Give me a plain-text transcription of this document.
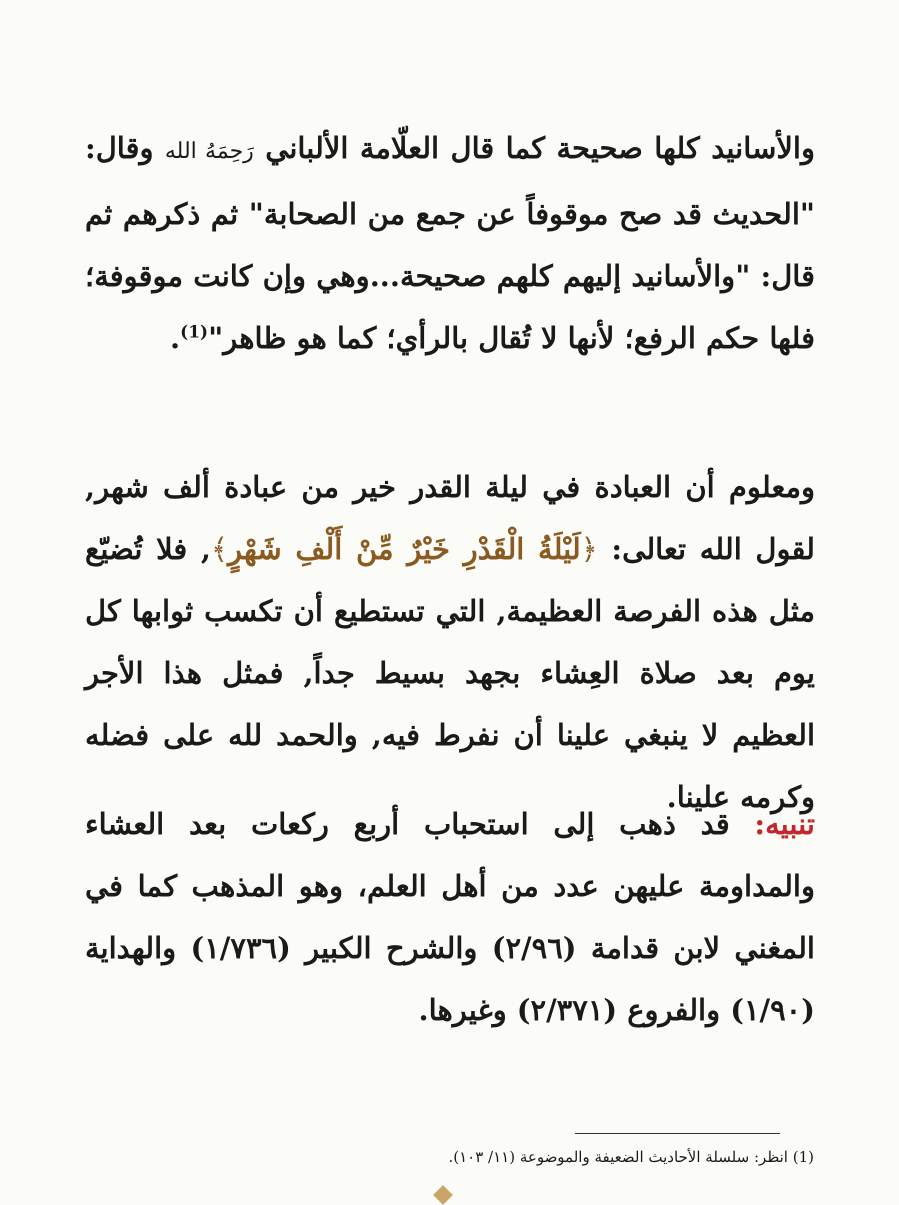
والأسانيد كلها صحيحة كما قال العلّامة الألباني رَحِمَهُ الله وقال: "الحديث قد صح موقوفاً عن جمع من الصحابة" ثم ذكرهم ثم قال: "والأسانيد إليهم كلهم صحيحة...وهي وإن كانت موقوفة؛ فلها حكم الرفع؛ لأنها لا تُقال بالرأي؛ كما هو ظاهر"$^{(1)}$.

ومعلوم أن العبادة في ليلة القدر خير من عبادة ألف شهر, لقول الله تعالى: ﴿لَيْلَةُ الْقَدْرِ خَيْرٌ مِّنْ أَلْفِ شَهْرٍ﴾, فلا تُضيّع مثل هذه الفرصة العظيمة, التي تستطيع أن تكسب ثوابها كل يوم بعد صلاة العِشاء بجهد بسيط جداً, فمثل هذا الأجر العظيم لا ينبغي علينا أن نفرط فيه, والحمد لله على فضله وكرمه علينا.

تنبيه: قد ذهب إلى استحباب أربع ركعات بعد العشاء والمداومة عليهن عدد من أهل العلم، وهو المذهب كما في المغني لابن قدامة (٢/٩٦) والشرح الكبير (١/٧٣٦) والهداية (١/٩٠) والفروع (٢/٣٧١) وغيرها.

(1) انظر: سلسلة الأحاديث الضعيفة والموضوعة (١١/ ١٠٣).
